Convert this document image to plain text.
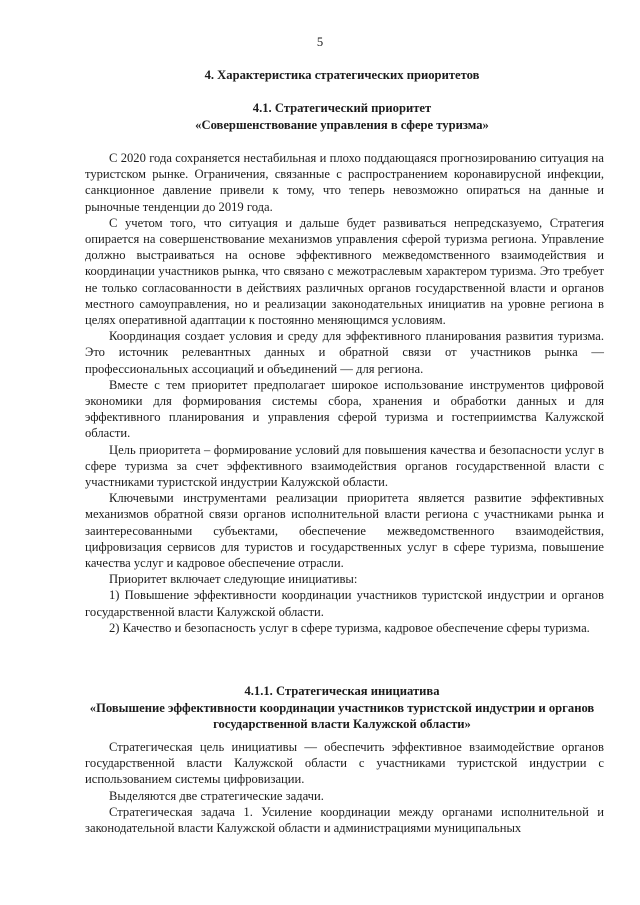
5
4. Характеристика стратегических приоритетов
4.1. Стратегический приоритет
«Совершенствование управления в сфере туризма»

С 2020 года сохраняется нестабильная и плохо поддающаяся прогнозированию ситуация на туристском рынке. Ограничения, связанные с распространением коронавирусной инфекции, санкционное давление привели к тому, что теперь невозможно опираться на данные и рыночные тенденции до 2019 года.

С учетом того, что ситуация и дальше будет развиваться непредсказуемо, Стратегия опирается на совершенствование механизмов управления сферой туризма региона. Управление должно выстраиваться на основе эффективного межведомственного взаимодействия и координации участников рынка, что связано с межотраслевым характером туризма. Это требует не только согласованности в действиях различных органов государственной власти и органов местного самоуправления, но и реализации законодательных инициатив на уровне региона в целях оперативной адаптации к постоянно меняющимся условиям.

Координация создает условия и среду для эффективного планирования развития туризма. Это источник релевантных данных и обратной связи от участников рынка — профессиональных ассоциаций и объединений — для региона.

Вместе с тем приоритет предполагает широкое использование инструментов цифровой экономики для формирования системы сбора, хранения и обработки данных и для эффективного планирования и управления сферой туризма и гостеприимства Калужской области.

Цель приоритета – формирование условий для повышения качества и безопасности услуг в сфере туризма за счет эффективного взаимодействия органов государственной власти с участниками туристской индустрии Калужской области.

Ключевыми инструментами реализации приоритета является развитие эффективных механизмов обратной связи органов исполнительной власти региона с участниками рынка и заинтересованными субъектами, обеспечение межведомственного взаимодействия, цифровизация сервисов для туристов и государственных услуг в сфере туризма, повышение качества услуг и кадровое обеспечение отрасли.

Приоритет включает следующие инициативы:

1) Повышение эффективности координации участников туристской индустрии и органов государственной власти Калужской области.

2) Качество и безопасность услуг в сфере туризма, кадровое обеспечение сферы туризма.

4.1.1. Стратегическая инициатива
«Повышение эффективности координации участников туристской индустрии и органов государственной власти Калужской области»

Стратегическая цель инициативы — обеспечить эффективное взаимодействие органов государственной власти Калужской области с участниками туристской индустрии с использованием системы цифровизации.

Выделяются две стратегические задачи.

Стратегическая задача 1. Усиление координации между органами исполнительной и законодательной власти Калужской области и администрациями муниципальных
